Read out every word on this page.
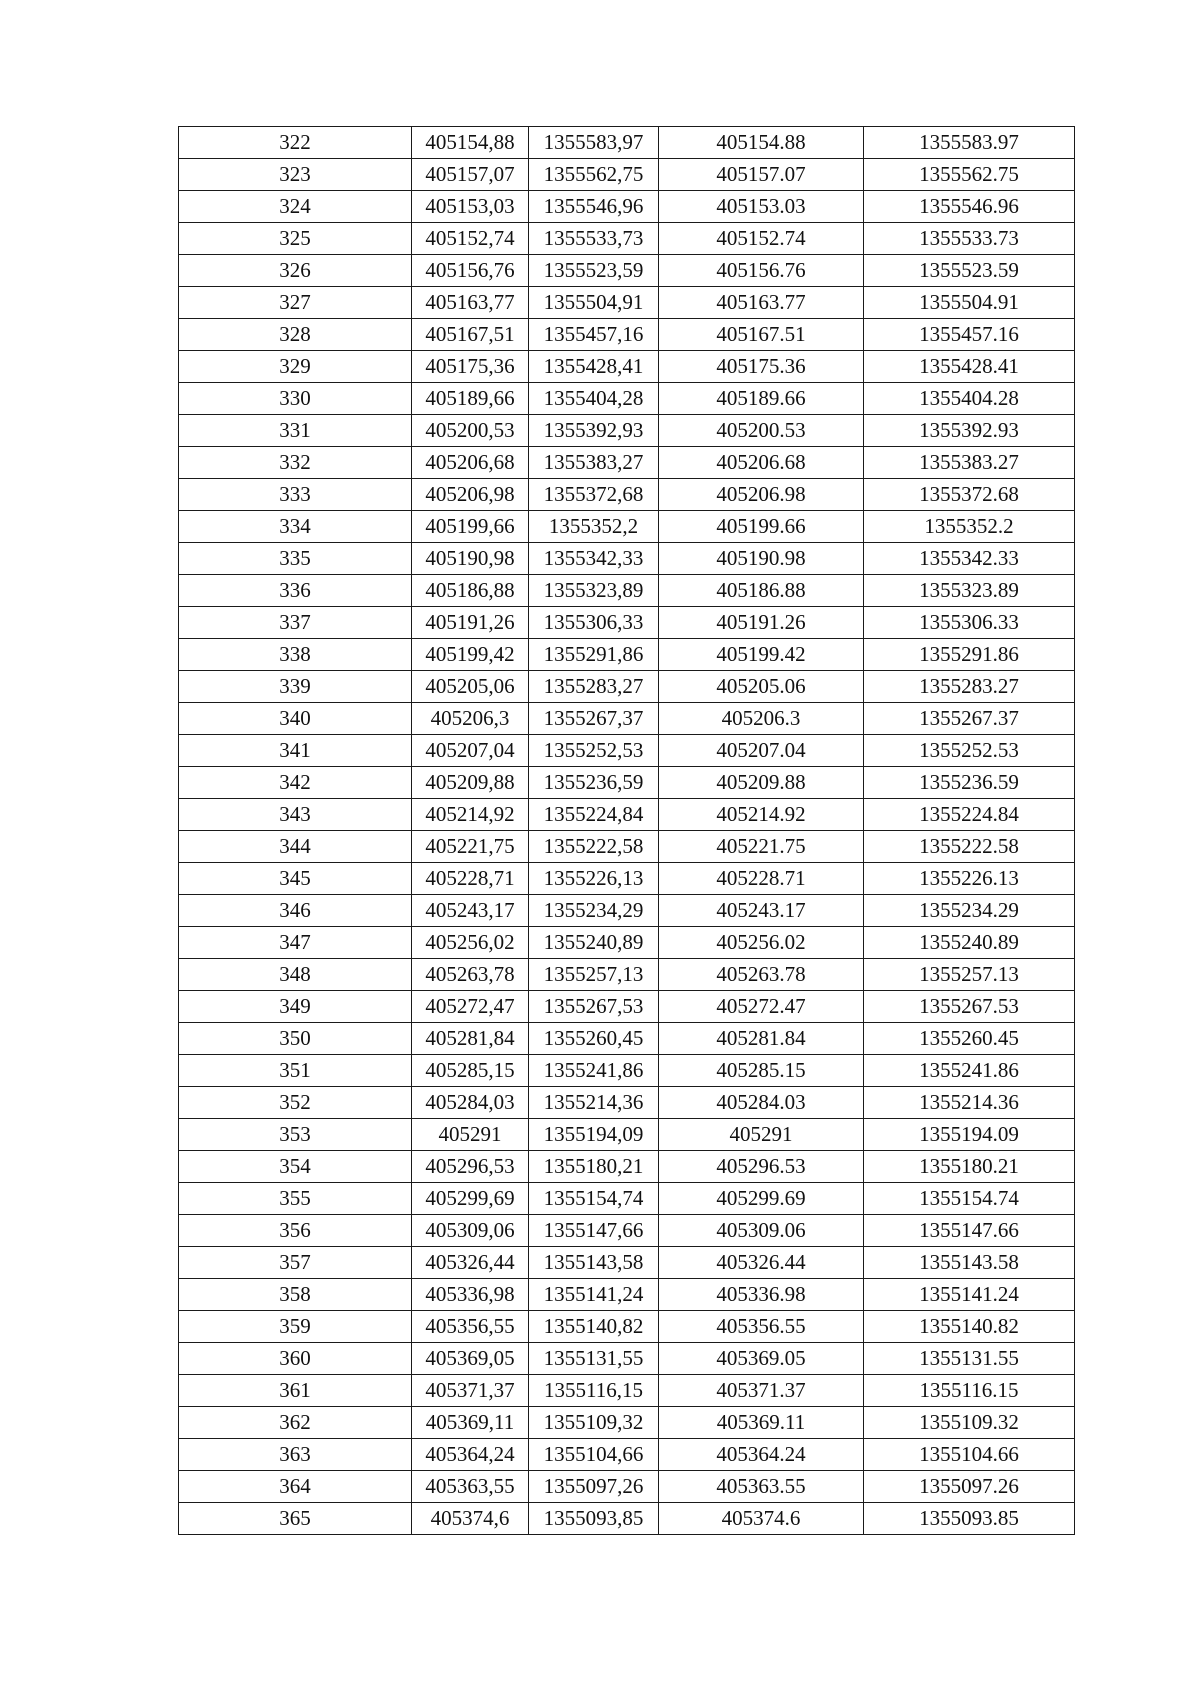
322	405154,88	1355583,97	405154.88	1355583.97
323	405157,07	1355562,75	405157.07	1355562.75
324	405153,03	1355546,96	405153.03	1355546.96
325	405152,74	1355533,73	405152.74	1355533.73
326	405156,76	1355523,59	405156.76	1355523.59
327	405163,77	1355504,91	405163.77	1355504.91
328	405167,51	1355457,16	405167.51	1355457.16
329	405175,36	1355428,41	405175.36	1355428.41
330	405189,66	1355404,28	405189.66	1355404.28
331	405200,53	1355392,93	405200.53	1355392.93
332	405206,68	1355383,27	405206.68	1355383.27
333	405206,98	1355372,68	405206.98	1355372.68
334	405199,66	1355352,2	405199.66	1355352.2
335	405190,98	1355342,33	405190.98	1355342.33
336	405186,88	1355323,89	405186.88	1355323.89
337	405191,26	1355306,33	405191.26	1355306.33
338	405199,42	1355291,86	405199.42	1355291.86
339	405205,06	1355283,27	405205.06	1355283.27
340	405206,3	1355267,37	405206.3	1355267.37
341	405207,04	1355252,53	405207.04	1355252.53
342	405209,88	1355236,59	405209.88	1355236.59
343	405214,92	1355224,84	405214.92	1355224.84
344	405221,75	1355222,58	405221.75	1355222.58
345	405228,71	1355226,13	405228.71	1355226.13
346	405243,17	1355234,29	405243.17	1355234.29
347	405256,02	1355240,89	405256.02	1355240.89
348	405263,78	1355257,13	405263.78	1355257.13
349	405272,47	1355267,53	405272.47	1355267.53
350	405281,84	1355260,45	405281.84	1355260.45
351	405285,15	1355241,86	405285.15	1355241.86
352	405284,03	1355214,36	405284.03	1355214.36
353	405291	1355194,09	405291	1355194.09
354	405296,53	1355180,21	405296.53	1355180.21
355	405299,69	1355154,74	405299.69	1355154.74
356	405309,06	1355147,66	405309.06	1355147.66
357	405326,44	1355143,58	405326.44	1355143.58
358	405336,98	1355141,24	405336.98	1355141.24
359	405356,55	1355140,82	405356.55	1355140.82
360	405369,05	1355131,55	405369.05	1355131.55
361	405371,37	1355116,15	405371.37	1355116.15
362	405369,11	1355109,32	405369.11	1355109.32
363	405364,24	1355104,66	405364.24	1355104.66
364	405363,55	1355097,26	405363.55	1355097.26
365	405374,6	1355093,85	405374.6	1355093.85
